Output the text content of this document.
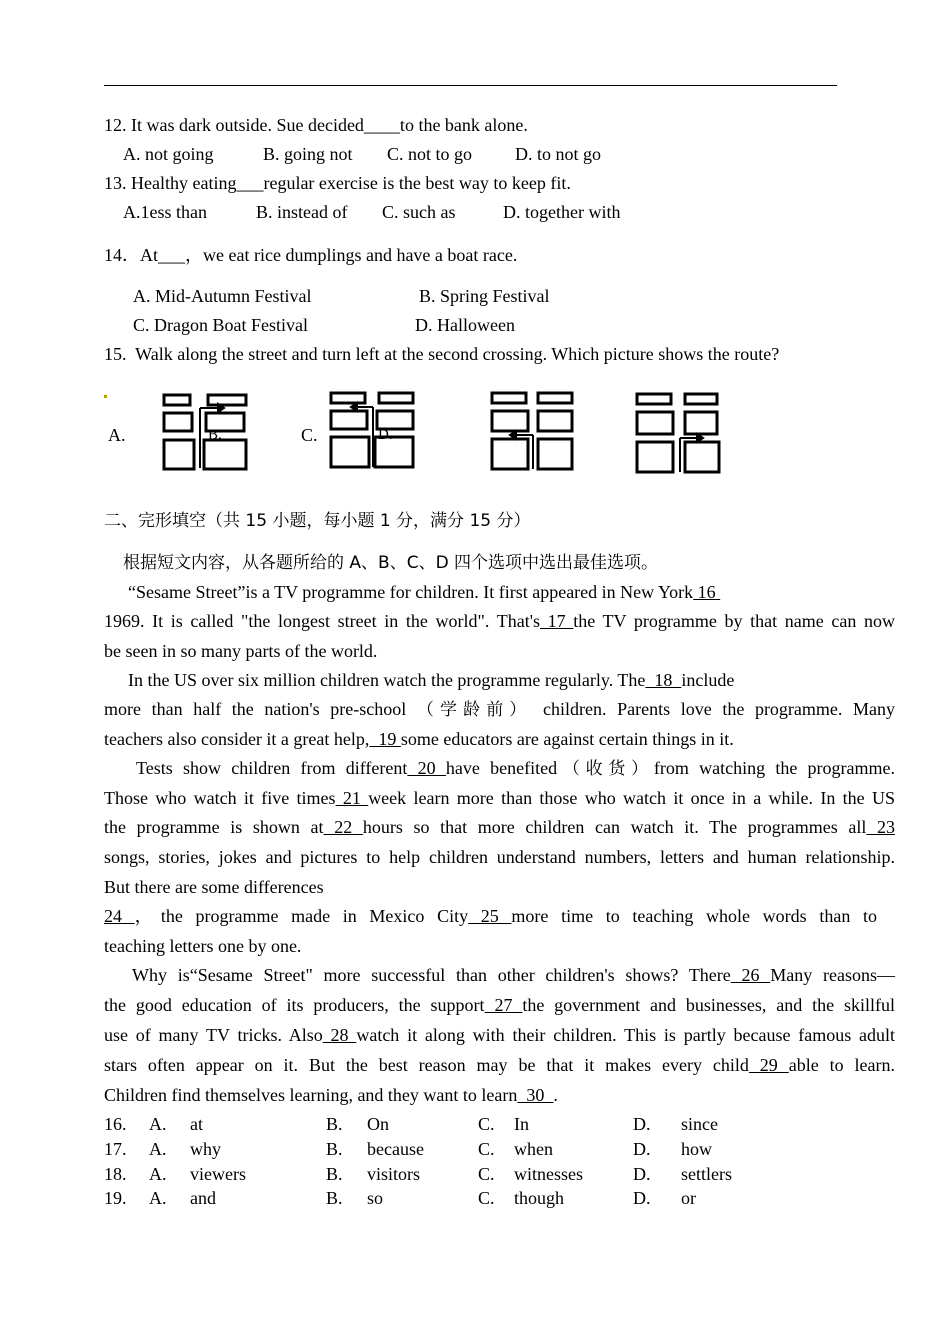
12. It was dark outside. Sue decided____to the bank alone.
A. not going	B. going not C. not to go D. to not go
13. Healthy eating___regular exercise is the best way to keep fit.
A.1ess than	B. instead of C. such as	D. together with
14．At___，we eat rice dumplings and have a boat race.
A. Mid-Autumn Festival	B. Spring Festival
C. Dragon Boat Festival	D. Halloween
15.  Walk along the street and turn left at the second crossing. Which picture shows the route?
A.	B.	C.	D.
二、完形填空（共 15 小题，每小题 1 分，满分 15 分）
根据短文内容，从各题所给的 A、B、C、D 四个选项中选出最佳选项。
“Sesame Street”is a TV programme for children. It first appeared in New York 16
1969. It is called "the longest street in the world". That's 17 the TV programme by that name can now
be seen in so many parts of the world.
In the US over six million children watch the programme regularly. The  18  include
more than half the nation's pre-school （学龄前） children. Parents love the programme. Many
teachers also consider it a great help,  19 some educators are against certain things in it.
Tests show children from different 20 have benefited（收货）from watching the programme.
Those who watch it five times 21 week learn more than those who watch it once in a while. In the US
the programme is shown at 22 hours so that more children can watch it. The programmes all 23
songs, stories, jokes and pictures to help children understand numbers, letters and human relationship.
But there are some differences
24 ，the programme made in Mexico City 25 more time to teaching whole words than to
teaching letters one by one.
Why is“Sesame Street" more successful than other children's shows? There 26 Many reasons—
the good education of its producers, the support 27 the government and businesses, and the skillful
use of many TV tricks. Also 28 watch it along with their children. This is partly because famous adult
stars often appear on it. But the best reason may be that it makes every child 29 able to learn.
Children find themselves learning, and they want to learn  30  .
16. A. at	B. On	C. In	D. since
17. A. why	B. because	C. when	D. how
18. A. viewers	B. visitors	C. witnesses	D. settlers
19. A. and	B. so	C. though	D. or
